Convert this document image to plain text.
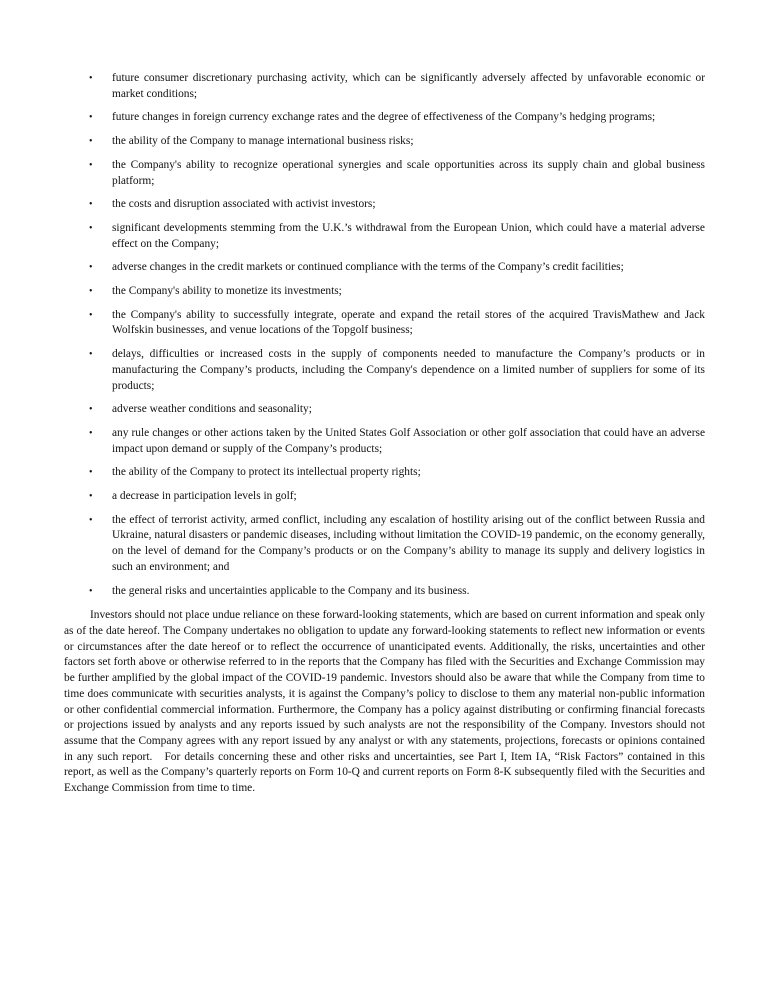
• future consumer discretionary purchasing activity, which can be significantly adversely affected by unfavorable economic or market conditions;
• future changes in foreign currency exchange rates and the degree of effectiveness of the Company’s hedging programs;
• the ability of the Company to manage international business risks;
• the Company's ability to recognize operational synergies and scale opportunities across its supply chain and global business platform;
• the costs and disruption associated with activist investors;
• significant developments stemming from the U.K.’s withdrawal from the European Union, which could have a material adverse effect on the Company;
• adverse changes in the credit markets or continued compliance with the terms of the Company’s credit facilities;
• the Company's ability to monetize its investments;
• the Company's ability to successfully integrate, operate and expand the retail stores of the acquired TravisMathew and Jack Wolfskin businesses, and venue locations of the Topgolf business;
• delays, difficulties or increased costs in the supply of components needed to manufacture the Company’s products or in manufacturing the Company’s products, including the Company's dependence on a limited number of suppliers for some of its products;
• adverse weather conditions and seasonality;
• any rule changes or other actions taken by the United States Golf Association or other golf association that could have an adverse impact upon demand or supply of the Company’s products;
• the ability of the Company to protect its intellectual property rights;
• a decrease in participation levels in golf;
• the effect of terrorist activity, armed conflict, including any escalation of hostility arising out of the conflict between Russia and Ukraine, natural disasters or pandemic diseases, including without limitation the COVID-19 pandemic, on the economy generally, on the level of demand for the Company’s products or on the Company’s ability to manage its supply and delivery logistics in such an environment; and
• the general risks and uncertainties applicable to the Company and its business.

Investors should not place undue reliance on these forward-looking statements, which are based on current information and speak only as of the date hereof. The Company undertakes no obligation to update any forward-looking statements to reflect new information or events or circumstances after the date hereof or to reflect the occurrence of unanticipated events. Additionally, the risks, uncertainties and other factors set forth above or otherwise referred to in the reports that the Company has filed with the Securities and Exchange Commission may be further amplified by the global impact of the COVID-19 pandemic. Investors should also be aware that while the Company from time to time does communicate with securities analysts, it is against the Company’s policy to disclose to them any material non-public information or other confidential commercial information. Furthermore, the Company has a policy against distributing or confirming financial forecasts or projections issued by analysts and any reports issued by such analysts are not the responsibility of the Company. Investors should not assume that the Company agrees with any report issued by any analyst or with any statements, projections, forecasts or opinions contained in any such report.   For details concerning these and other risks and uncertainties, see Part I, Item IA, “Risk Factors” contained in this report, as well as the Company’s quarterly reports on Form 10-Q and current reports on Form 8-K subsequently filed with the Securities and Exchange Commission from time to time.
